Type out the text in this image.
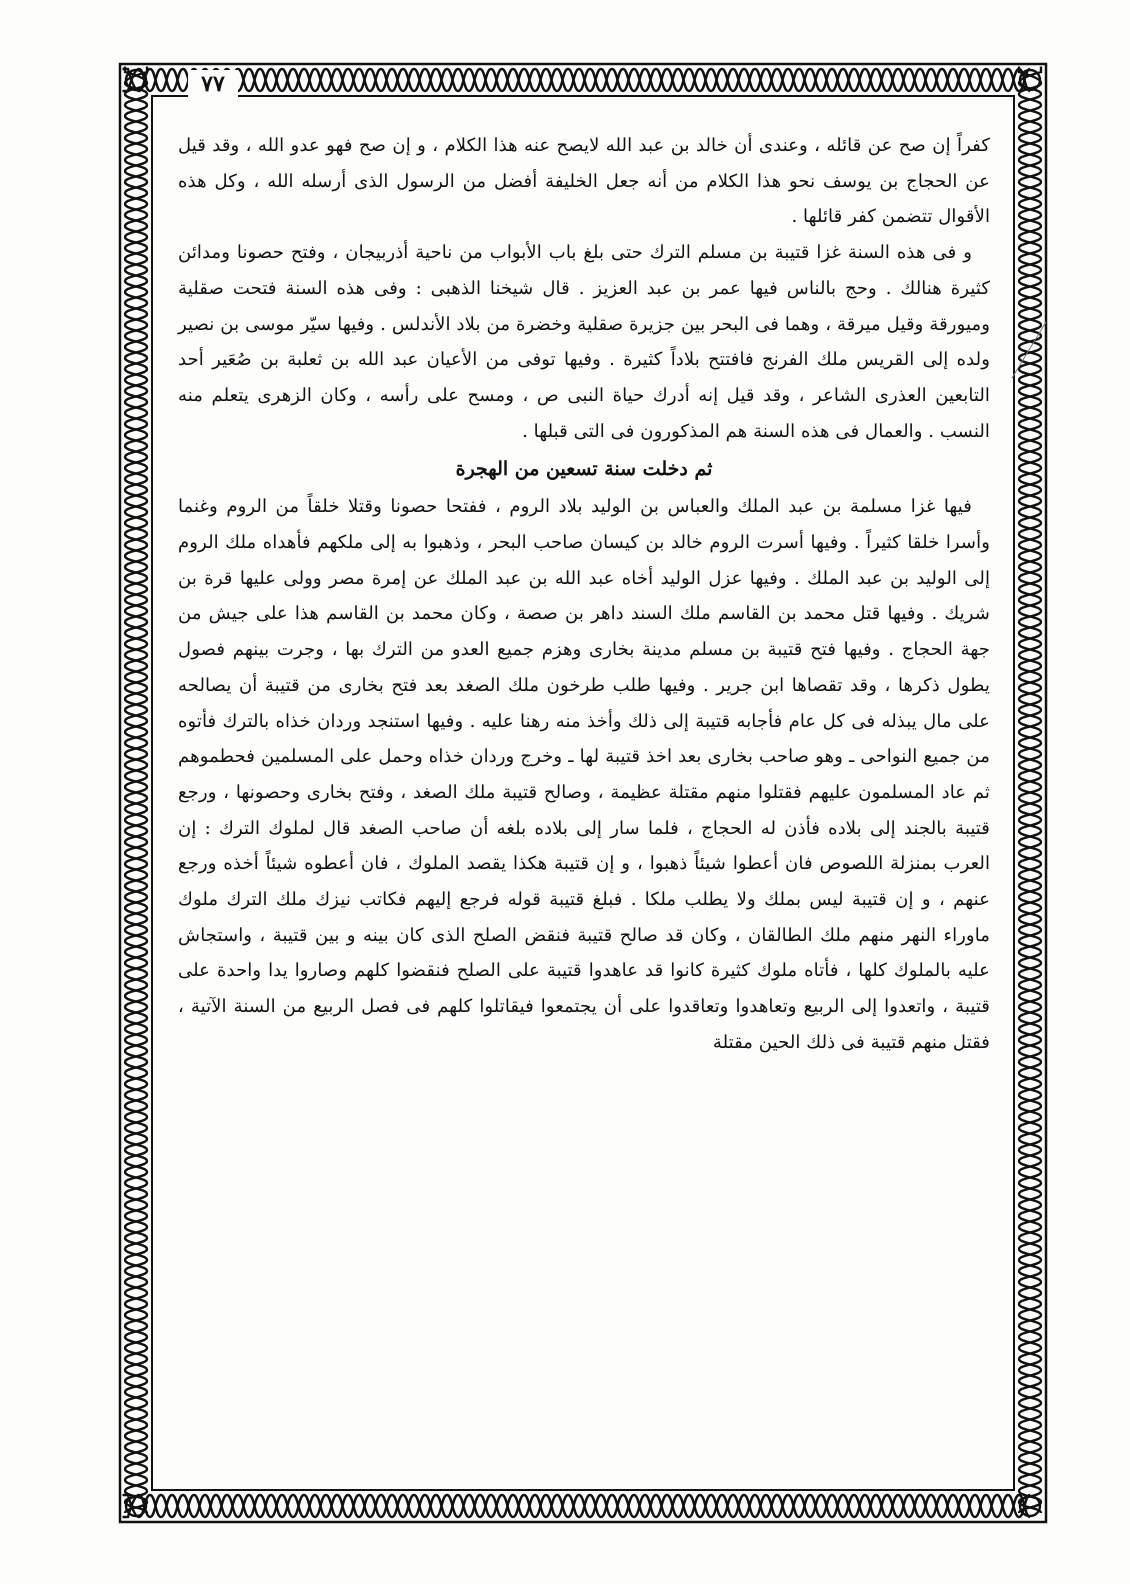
٧٧

كفراً إن صح عن قائله ، وعندى أن خالد بن عبد الله لايصح عنه هذا الكلام ، و إن صح فهو عدو الله ، وقد قيل عن الحجاج بن يوسف نحو هذا الكلام من أنه جعل الخليفة أفضل من الرسول الذى أرسله الله ، وكل هذه الأقوال تتضمن كفر قائلها .

و فى هذه السنة غزا قتيبة بن مسلم الترك حتى بلغ باب الأبواب من ناحية أذربيجان ، وفتح حصونا ومدائن كثيرة هنالك . وحج بالناس فيها عمر بن عبد العزيز . قال شيخنا الذهبى : وفى هذه السنة فتحت صقلية وميورقة وقيل ميرقة ، وهما فى البحر بين جزيرة صقلية وخضرة من بلاد الأندلس . وفيها سيّر موسى بن نصير ولده إلى القريس ملك الفرنج فافتتح بلاداً كثيرة . وفيها توفى من الأعيان عبد الله بن ثعلبة بن صُعَير أحد التابعين العذرى الشاعر ، وقد قيل إنه أدرك حياة النبى ص ، ومسح على رأسه ، وكان الزهرى يتعلم منه النسب . والعمال فى هذه السنة هم المذكورون فى التى قبلها .

ثم دخلت سنة تسعين من الهجرة

فيها غزا مسلمة بن عبد الملك والعباس بن الوليد بلاد الروم ، ففتحا حصونا وقتلا خلقاً من الروم وغنما وأسرا خلقا كثيراً . وفيها أسرت الروم خالد بن كيسان صاحب البحر ، وذهبوا به إلى ملكهم فأهداه ملك الروم إلى الوليد بن عبد الملك . وفيها عزل الوليد أخاه عبد الله بن عبد الملك عن إمرة مصر وولى عليها قرة بن شريك . وفيها قتل محمد بن القاسم ملك السند داهر بن صصة ، وكان محمد بن القاسم هذا على جيش من جهة الحجاج . وفيها فتح قتيبة بن مسلم مدينة بخارى وهزم جميع العدو من الترك بها ، وجرت بينهم فصول يطول ذكرها ، وقد تقصاها ابن جرير . وفيها طلب طرخون ملك الصغد بعد فتح بخارى من قتيبة أن يصالحه على مال يبذله فى كل عام فأجابه قتيبة إلى ذلك وأخذ منه رهنا عليه . وفيها استنجد وردان خذاه بالترك فأتوه من جميع النواحى ـ وهو صاحب بخارى بعد اخذ قتيبة لها ـ وخرج وردان خذاه وحمل على المسلمين فحطموهم ثم عاد المسلمون عليهم فقتلوا منهم مقتلة عظيمة ، وصالح قتيبة ملك الصغد ، وفتح بخارى وحصونها ، ورجع قتيبة بالجند إلى بلاده فأذن له الحجاج ، فلما سار إلى بلاده بلغه أن صاحب الصغد قال لملوك الترك : إن العرب بمنزلة اللصوص فان أعطوا شيئاً ذهبوا ، و إن قتيبة هكذا يقصد الملوك ، فان أعطوه شيئاً أخذه ورجع عنهم ، و إن قتيبة ليس بملك ولا يطلب ملكا . فبلغ قتيبة قوله فرجع إليهم فكاتب نيزك ملك الترك ملوك ماوراء النهر منهم ملك الطالقان ، وكان قد صالح قتيبة فنقض الصلح الذى كان بينه و بين قتيبة ، واستجاش عليه بالملوك كلها ، فأتاه ملوك كثيرة كانوا قد عاهدوا قتيبة على الصلح فنقضوا كلهم وصاروا يدا واحدة على قتيبة ، واتعدوا إلى الربيع وتعاهدوا وتعاقدوا على أن يجتمعوا فيقاتلوا كلهم فى فصل الربيع من السنة الآتية ، فقتل منهم قتيبة فى ذلك الحين مقتلة
